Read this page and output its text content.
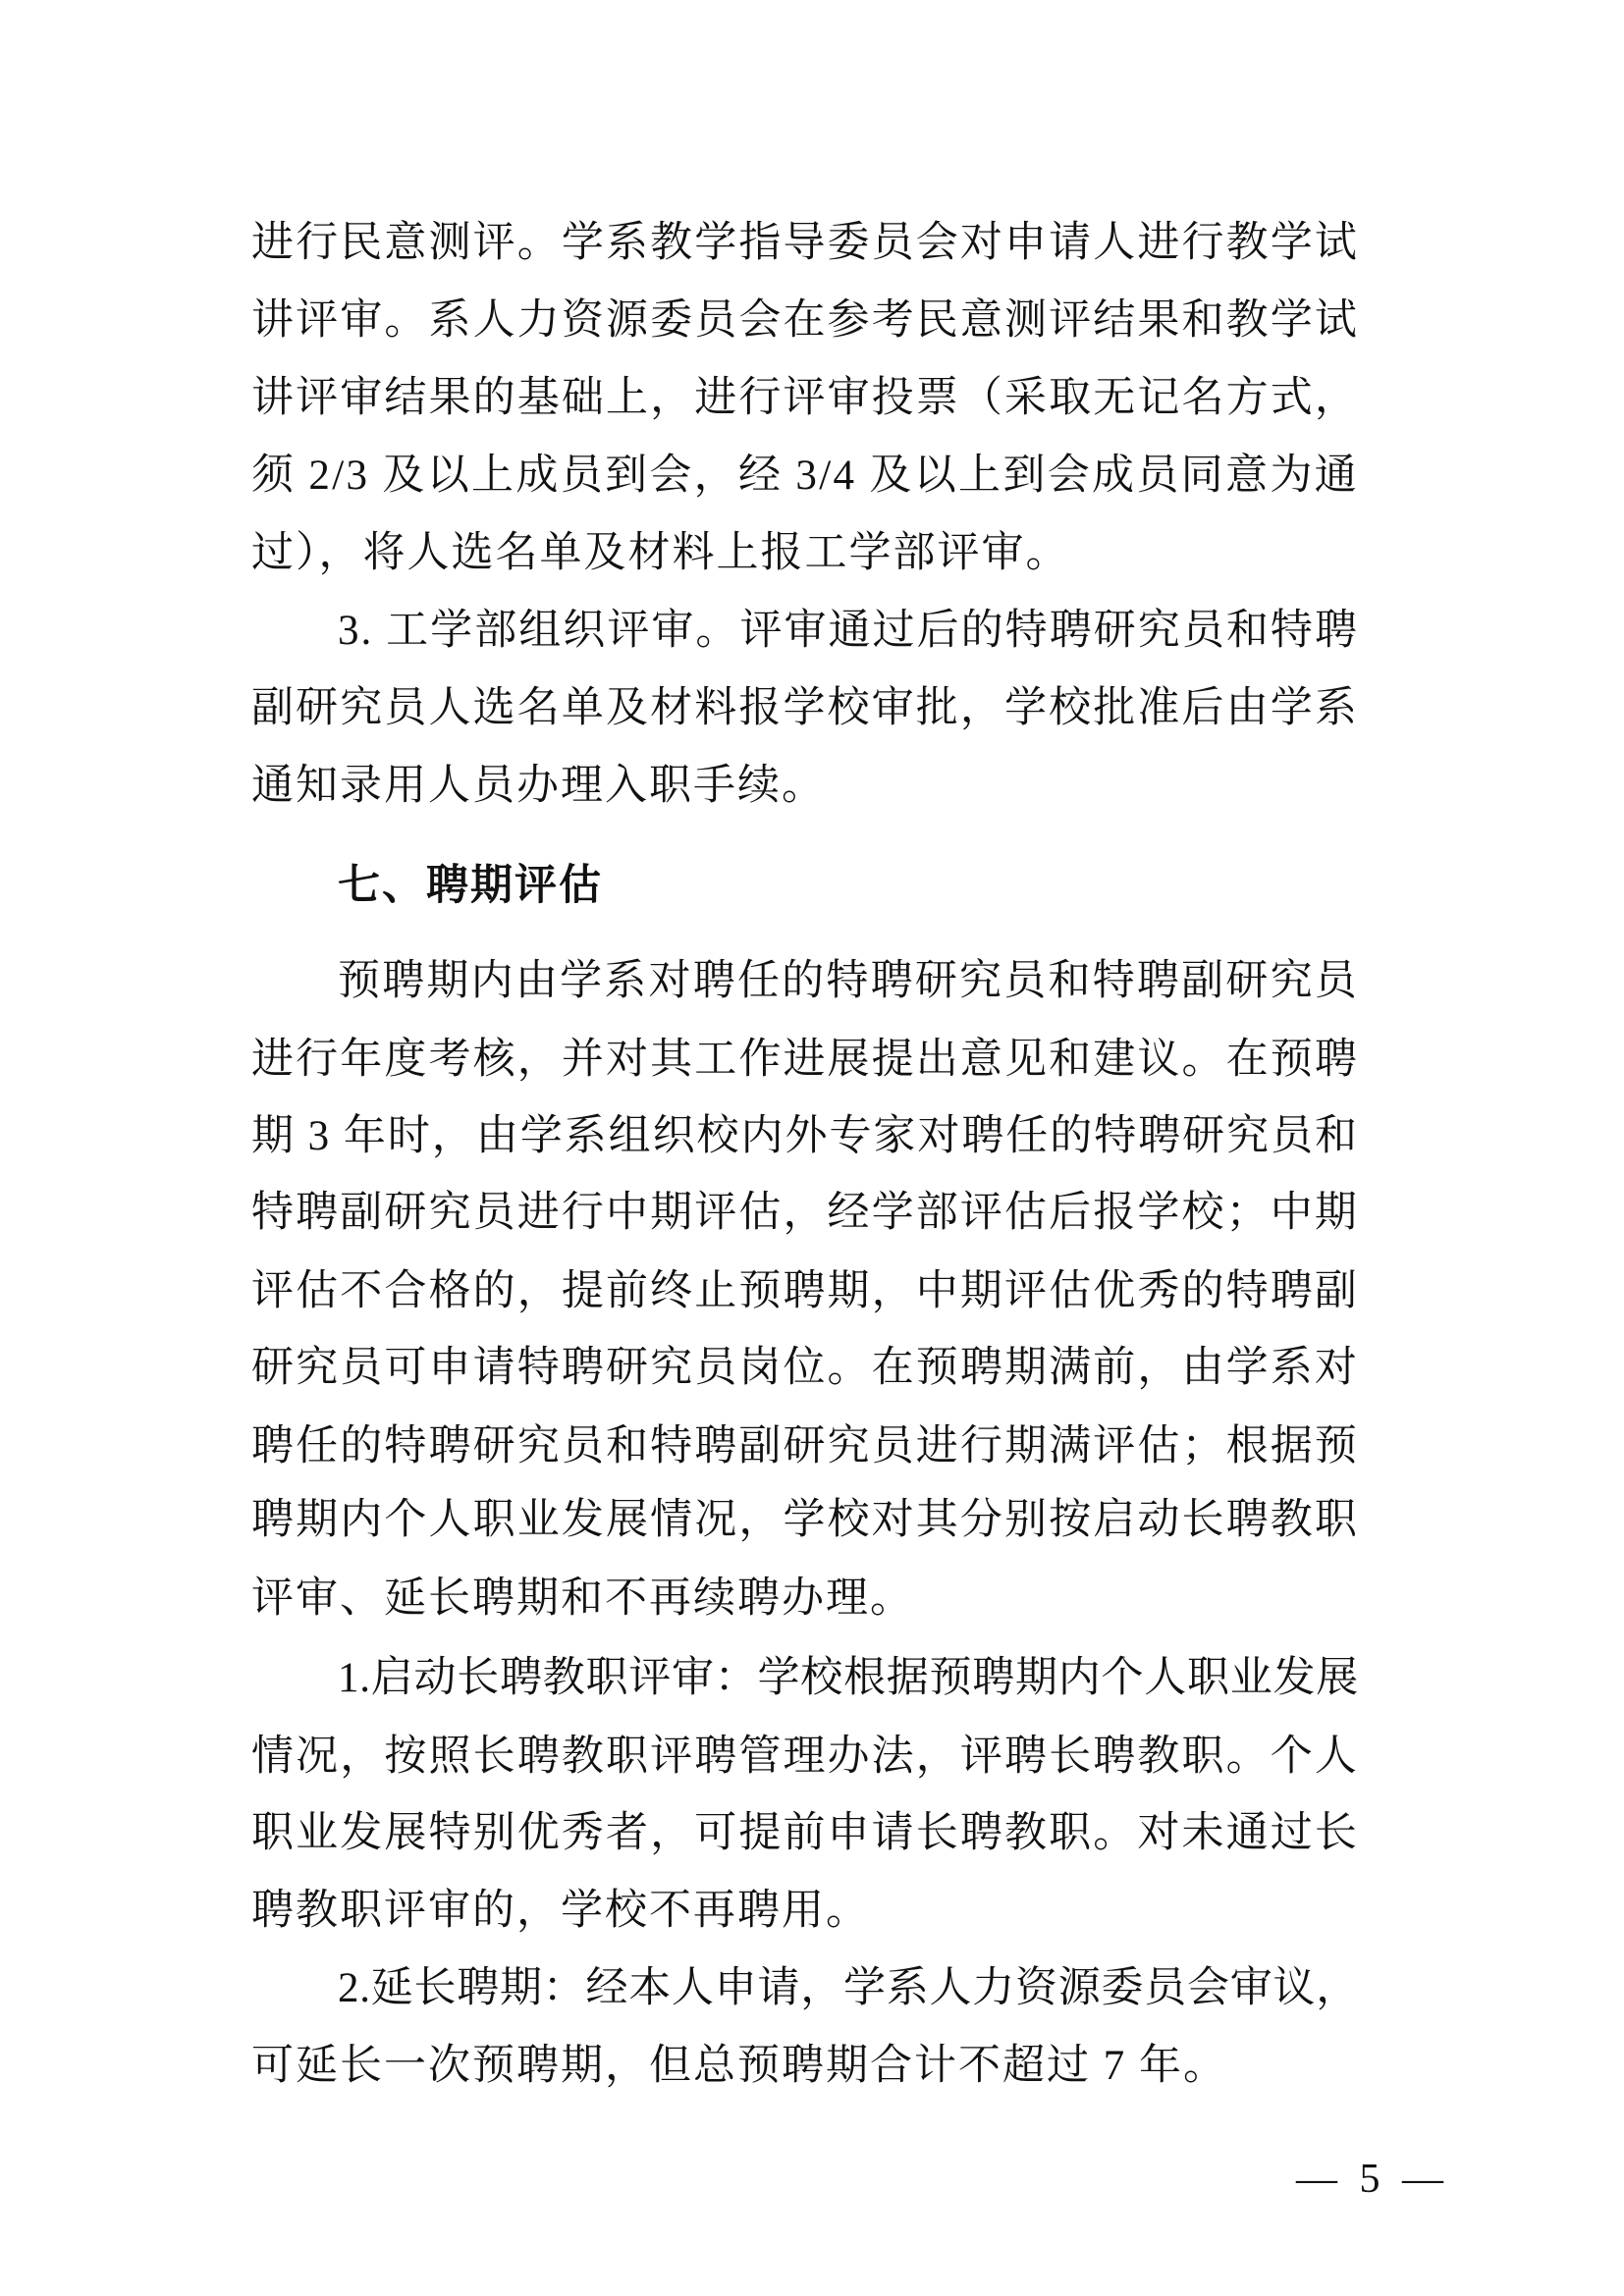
进行民意测评。学系教学指导委员会对申请人进行教学试
讲评审。系人力资源委员会在参考民意测评结果和教学试
讲评审结果的基础上，进行评审投票（采取无记名方式，
须 2/3 及以上成员到会，经 3/4 及以上到会成员同意为通
过），将人选名单及材料上报工学部评审。
3. 工学部组织评审。评审通过后的特聘研究员和特聘
副研究员人选名单及材料报学校审批，学校批准后由学系
通知录用人员办理入职手续。
七、聘期评估
预聘期内由学系对聘任的特聘研究员和特聘副研究员
进行年度考核，并对其工作进展提出意见和建议。在预聘
期 3 年时，由学系组织校内外专家对聘任的特聘研究员和
特聘副研究员进行中期评估，经学部评估后报学校；中期
评估不合格的，提前终止预聘期，中期评估优秀的特聘副
研究员可申请特聘研究员岗位。在预聘期满前，由学系对
聘任的特聘研究员和特聘副研究员进行期满评估；根据预
聘期内个人职业发展情况，学校对其分别按启动长聘教职
评审、延长聘期和不再续聘办理。
1.启动长聘教职评审：学校根据预聘期内个人职业发展
情况，按照长聘教职评聘管理办法，评聘长聘教职。个人
职业发展特别优秀者，可提前申请长聘教职。对未通过长
聘教职评审的，学校不再聘用。
2.延长聘期：经本人申请，学系人力资源委员会审议，
可延长一次预聘期，但总预聘期合计不超过 7 年。
— 5 —
